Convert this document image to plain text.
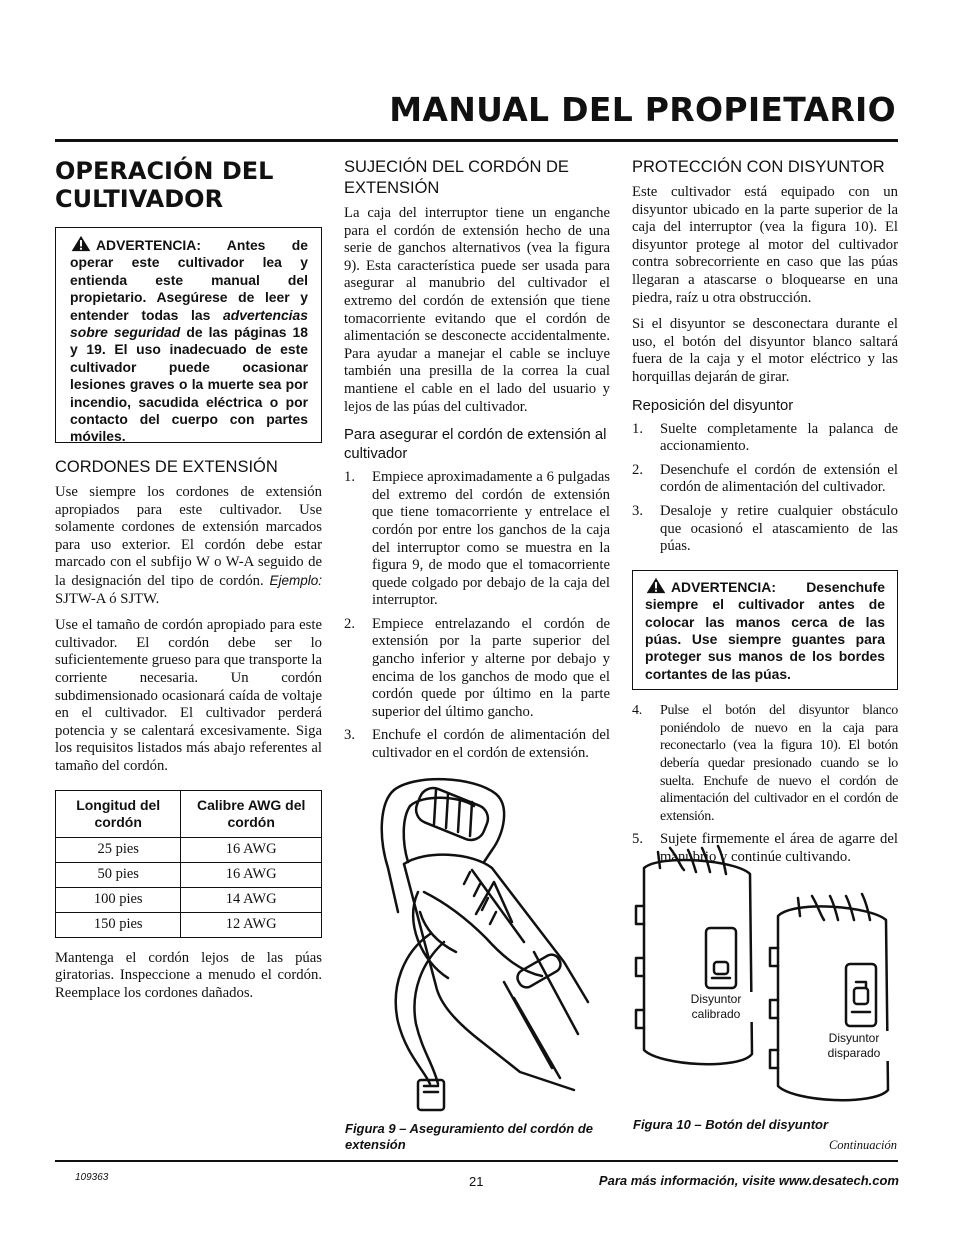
MANUAL DEL PROPIETARIO
OPERACIÓN DEL
CULTIVADOR
ADVERTENCIA: Antes de operar este cultivador lea y entienda este manual del propietario. Asegúrese de leer y entender todas las advertencias sobre seguridad de las páginas 18 y 19. El uso inadecuado de este cultivador puede ocasionar lesiones graves o la muerte sea por incendio, sacudida eléctrica o por contacto del cuerpo con partes móviles.
CORDONES DE EXTENSIÓN

Use siempre los cordones de extensión apropiados para este cultivador. Use solamente cordones de extensión marcados para uso exterior. El cordón debe estar marcado con el subfijo W o W-A seguido de la designación del tipo de cordón. Ejemplo: SJTW-A ó SJTW.

Use el tamaño de cordón apropiado para este cultivador. El cordón debe ser lo suficientemente grueso para que transporte la corriente necesaria. Un cordón subdimensionado ocasionará caída de voltaje en el cultivador. El cultivador perderá potencia y se calentará excesivamente. Siga los requisitos listados más abajo referentes al tamaño del cordón.

Longitud del cordón	Calibre AWG del cordón
25 pies	16 AWG
50 pies	16 AWG
100 pies	14 AWG
150 pies	12 AWG

Mantenga el cordón lejos de las púas giratorias. Inspeccione a menudo el cordón. Reemplace los cordones dañados.

SUJECIÓN DEL CORDÓN DE EXTENSIÓN

La caja del interruptor tiene un enganche para el cordón de extensión hecho de una serie de ganchos alternativos (vea la figura 9). Esta característica puede ser usada para asegurar al manubrio del cultivador el extremo del cordón de extensión que tiene tomacorriente evitando que el cordón de alimentación se desconecte accidentalmente. Para ayudar a manejar el cable se incluye también una presilla de la correa la cual mantiene el cable en el lado del usuario y lejos de las púas del cultivador.

Para asegurar el cordón de extensión al cultivador
1. Empiece aproximadamente a 6 pulgadas del extremo del cordón de extensión que tiene tomacorriente y entrelace el cordón por entre los ganchos de la caja del interruptor como se muestra en la figura 9, de modo que el tomacorriente quede colgado por debajo de la caja del interruptor.
2. Empiece entrelazando el cordón de extensión por la parte superior del gancho inferior y alterne por debajo y encima de los ganchos de modo que el cordón quede por último en la parte superior del último gancho.
3. Enchufe el cordón de alimentación del cultivador en el cordón de extensión.
Figura 9 – Aseguramiento del cordón de extensión
PROTECCIÓN CON DISYUNTOR

Este cultivador está equipado con un disyuntor ubicado en la parte superior de la caja del interruptor (vea la figura 10). El disyuntor protege al motor del cultivador contra sobrecorriente en caso que las púas llegaran a atascarse o bloquearse en una piedra, raíz u otra obstrucción.

Si el disyuntor se desconectara durante el uso, el botón del disyuntor blanco saltará fuera de la caja y el motor eléctrico y las horquillas dejarán de girar.

Reposición del disyuntor
1. Suelte completamente la palanca de accionamiento.
2. Desenchufe el cordón de extensión el cordón de alimentación del cultivador.
3. Desaloje y retire cualquier obstáculo que ocasionó el atascamiento de las púas.
ADVERTENCIA: Desenchufe siempre el cultivador antes de colocar las manos cerca de las púas. Use siempre guantes para proteger sus manos de los bordes cortantes de las púas.
4. Pulse el botón del disyuntor blanco poniéndolo de nuevo en la caja para reconectarlo (vea la figura 10). El botón debería quedar presionado cuando se lo suelta. Enchufe de nuevo el cordón de alimentación del cultivador en el cordón de extensión.
5. Sujete firmemente el área de agarre del manubrio y continúe cultivando.
Disyuntor
calibrado
Disyuntor
disparado
Figura 10 – Botón del disyuntor
Continuación
109363	21	Para más información, visite www.desatech.com
